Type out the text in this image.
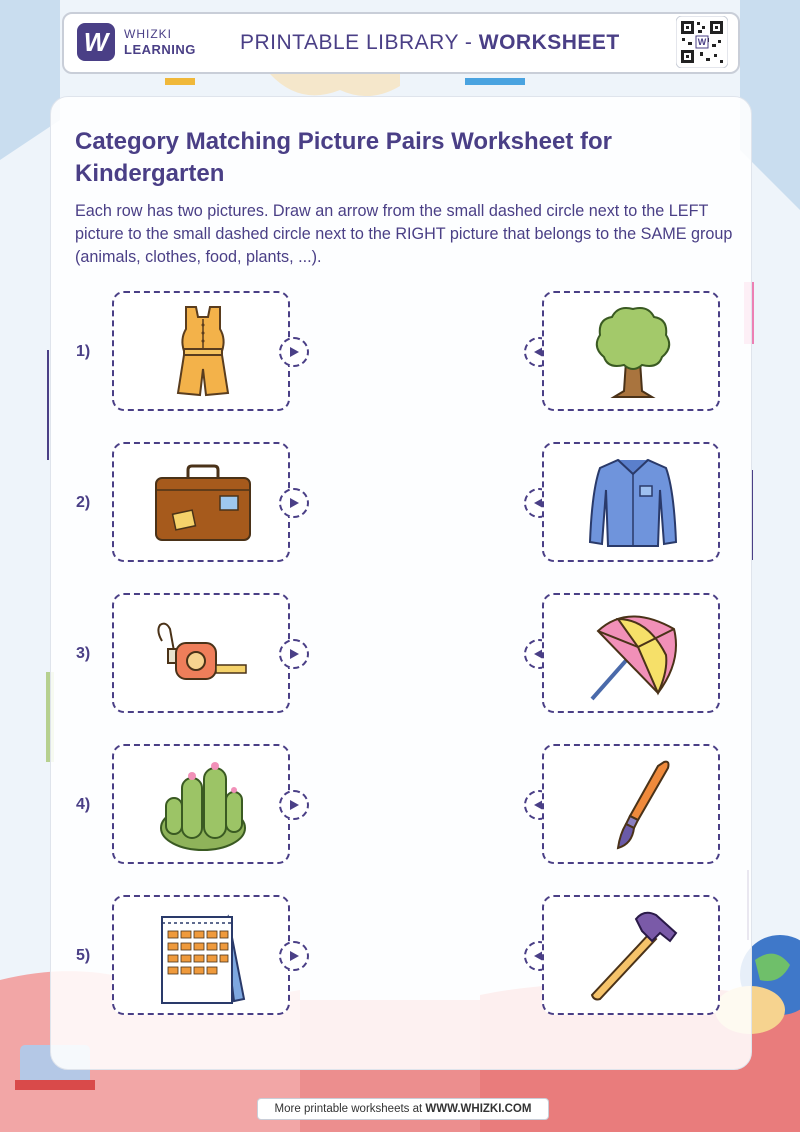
W	WHIZKI
LEARNING PRINTABLE LIBRARY - WORKSHEET	W
Category Matching Picture Pairs Worksheet for Kindergarten

Each row has two pictures. Draw an arrow from the small dashed circle next to the LEFT picture to the small dashed circle next to the RIGHT picture that belongs to the SAME group (animals, clothes, food, plants, ...).

1)
2)
3)
4)
5)
More printable worksheets at WWW.WHIZKI.COM
